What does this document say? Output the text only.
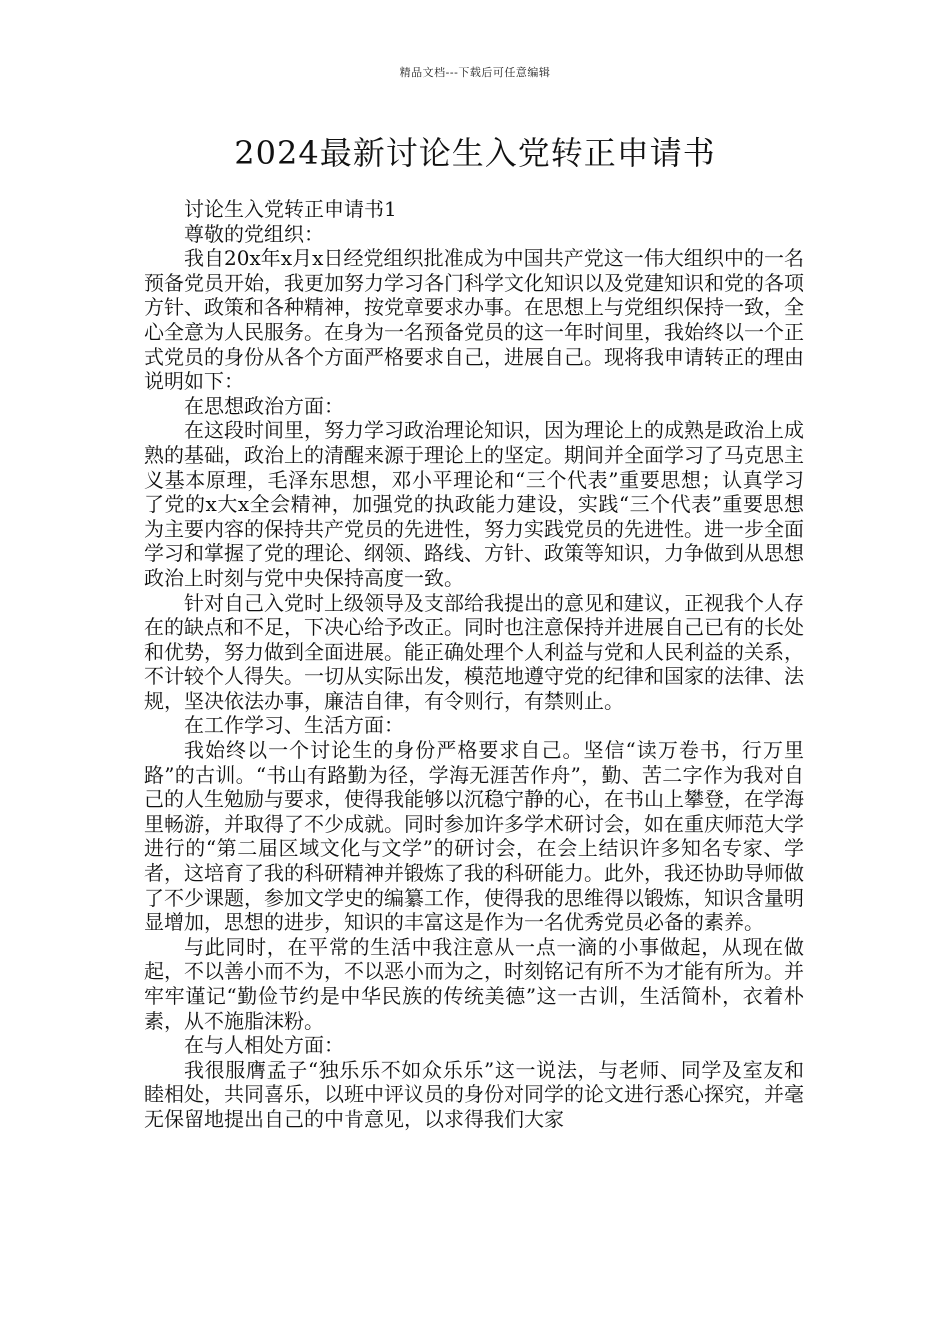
精品文档---下载后可任意编辑
2024最新讨论生入党转正申请书

讨论生入党转正申请书1

尊敬的党组织：

我自20x年x月x日经党组织批准成为中国共产党这一伟大组织中的一名预备党员开始，我更加努力学习各门科学文化知识以及党建知识和党的各项方针、政策和各种精神，按党章要求办事。在思想上与党组织保持一致，全心全意为人民服务。在身为一名预备党员的这一年时间里，我始终以一个正式党员的身份从各个方面严格要求自己，进展自己。现将我申请转正的理由说明如下：

在思想政治方面：

在这段时间里，努力学习政治理论知识，因为理论上的成熟是政治上成熟的基础，政治上的清醒来源于理论上的坚定。期间并全面学习了马克思主义基本原理，毛泽东思想，邓小平理论和“三个代表”重要思想；认真学习了党的x大x全会精神，加强党的执政能力建设，实践“三个代表”重要思想为主要内容的保持共产党员的先进性，努力实践党员的先进性。进一步全面学习和掌握了党的理论、纲领、路线、方针、政策等知识，力争做到从思想政治上时刻与党中央保持高度一致。

针对自己入党时上级领导及支部给我提出的意见和建议，正视我个人存在的缺点和不足，下决心给予改正。同时也注意保持并进展自己已有的长处和优势，努力做到全面进展。能正确处理个人利益与党和人民利益的关系，不计较个人得失。一切从实际出发，模范地遵守党的纪律和国家的法律、法规，坚决依法办事，廉洁自律，有令则行，有禁则止。

在工作学习、生活方面：

我始终以一个讨论生的身份严格要求自己。坚信“读万卷书，行万里路”的古训。“书山有路勤为径，学海无涯苦作舟”，勤、苦二字作为我对自己的人生勉励与要求，使得我能够以沉稳宁静的心，在书山上攀登，在学海里畅游，并取得了不少成就。同时参加许多学术研讨会，如在重庆师范大学进行的“第二届区域文化与文学”的研讨会，在会上结识许多知名专家、学者，这培育了我的科研精神并锻炼了我的科研能力。此外，我还协助导师做了不少课题，参加文学史的编纂工作，使得我的思维得以锻炼，知识含量明显增加，思想的进步，知识的丰富这是作为一名优秀党员必备的素养。

与此同时，在平常的生活中我注意从一点一滴的小事做起，从现在做起，不以善小而不为，不以恶小而为之，时刻铭记有所不为才能有所为。并牢牢谨记“勤俭节约是中华民族的传统美德”这一古训，生活简朴，衣着朴素，从不施脂沫粉。

在与人相处方面：

我很服膺孟子“独乐乐不如众乐乐”这一说法，与老师、同学及室友和睦相处，共同喜乐，以班中评议员的身份对同学的论文进行悉心探究，并毫无保留地提出自己的中肯意见，以求得我们大家
